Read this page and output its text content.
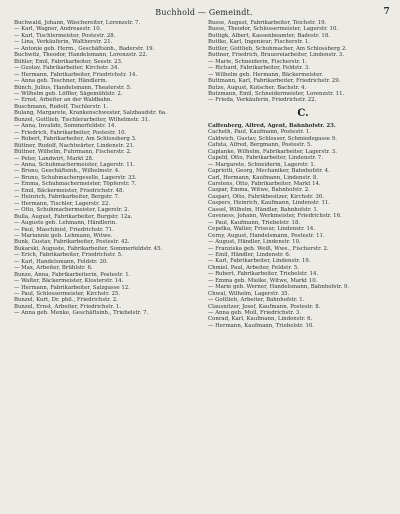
Buchhold — Gemeindt.	7
Buchwald, Johann, Wäschereiter, Lorenzstr. 7.
— Karl, Wagner, Andreasstr. 10.
— Karl, Tischlermeister, Postestr. 28.
— Lina, Verkäuferin, Waltherstr. 21.
— Antonie geb. Herm., Geschäftsinh., Baderstr. 19.
Buchwitz, Theodor, Handelsmann, Lorenzstr. 22.
Bühler, Emil, Fabrikarbeiter, Seestr. 23.
— Gustav, Fabrikarbeiter, Kirchstr. 34.
— Hermann, Fabrikarbeiter, Friedrichstr. 14.
— Anna geb. Teschner, Händlerin.
Bünch, Julius, Handelsmann, Theaterstr. 5.
— Wilhelm geb. Löffler, Sägemühlstr. 2.
— Ernst, Arbeiter an der Waldbahn.
Buschmann, Rudolf, Tischlerstr. 1.
Bulang, Margarete, Krankenschwester, Salzbaudstr. 6a.
Bunzel, Gottlieb, Tischlerarbeiter, Wilhelmstr. 31.
— Anna, Invalide, Sommerfeldstr. 14.
— Friedrich, Fabrikarbeiter, Postestr. 10.
— Robert, Fabrikarbeiter, Am Schlossberg 3.
Büttner, Rudolf, Nachtwärter, Lindenstr. 21.
Büttner, Wilhelm, Fuhrmann, Fischerstr. 2.
— Peter, Landwirt, Markt 28.
— Anna, Schuhmachermeister, Lagerstr. 11.
— Bruno, Geschäftsinh., Wilhelmstr. 4.
— Bruno, Schuhmachergeselle, Lagerstr. 33.
— Emma, Schuhmachermeister, Töpferstr. 7.
— Emil, Bäckermeister, Friedrichstr. 48.
— Heinrich, Fabrikarbeiter, Bergstr. 7.
— Hermann, Tischler, Lagerstr. 22.
— Otto, Schuhmachermeister, Lagerstr. 2.
Bulla, August, Fabrikarbeiter, Burgstr. 12a.
— Auguste geb. Lehmann, Händlerin.
— Paul, Maschinist, Friedrichstr. 71.
— Mariannie geb. Lehmann, Witwe.
Bunk, Gustav, Fabrikarbeiter, Postestr. 42.
Bukarski, Auguste, Fabrikarbeiter, Sommerfeldstr. 45.
— Erich, Fabrikarbeiter, Friedrichstr. 5.
— Karl, Handelsmann, Feldstr. 20.
— Max, Arbeiter, Brühlstr. 6.
Bunze, Anna, Fabrikarbeiterin, Postestr. 1.
— Walter, Bäckermeister, Klosterstr. 14.
— Hermann, Fabrikarbeiter, Salzgasse 12.
— Paul, Schlossermeister, Kirchstr. 25.
Bunzel, Kurt, Dr. phil., Friedrichstr. 2.
Bunzel, Ernst, Arbeiter, Friedrichstr. 1.
— Anna geb. Menke, Geschäftsinh., Triebelstr. 7.
Busse, August, Fabrikarbeiter, Teichstr. 19.
Busse, Theodor, Schlossermeister, Lagerstr. 10.
Buttigk, Albert, Kassenbeamter, Badestr. 18.
Buttke, Karl, Ingenieur, Fischerstr. 1.
Buttler, Gottlieb, Schuhmacher, Am Schlossberg 2.
Buttner, Friedrich, Brauereiarbeiter, Lindenstr. 3.
— Marie, Schneiderin, Fischerstr. 1.
— Richard, Fabrikarbeiter, Feldstr. 3.
— Wilhelm geb. Hermann, Bäckermeister.
Buttmann, Karl, Fabrikarbeiter, Friedrichstr. 29.
Butze, August, Kutscher, Bachstr. 4.
Butzmann, Emil, Schneidermeister, Lorenzstr. 11.
— Frieda, Verkäuferin, Friedrichstr. 22.
C.
Caffenberg, Alfred, Agent, Bahnhofstr. 23.
Cacheth, Paul, Kaufmann, Postestr. 1.
Caldwich, Gustav, Schlosser, Schmiedegasse 9.
Cafuta, Alfred, Bergmann, Postestr. 5.
Caplanke, Wilhelm, Fabrikarbeiter, Lagerstr. 3.
Capeld, Otto, Fabrikarbeiter, Lindenstr. 7.
— Margarete, Schneiderin, Lagerstr. 1.
Capriotti, Georg, Mechaniker, Bahnhofstr. 4.
Carl, Hermann, Kaufmann, Lindenstr. 8.
Carstens, Otto, Fabrikarbeiter, Markt 14.
Caspar, Emma, Witwe, Bahnhofstr. 2.
Caspari, Otto, Fabrikbesitzer, Kirchstr. 30.
Caspers, Heinrich, Kaufmann, Lindenstr. 11.
Cassel, Wilhelm, Händler, Bahnhofstr. 1.
Caveness, Johann, Werkmeister, Friedrichstr. 16.
— Paul, Kaufmann, Triebelstr. 18.
Cepelka, Walter, Friseur, Lindenstr. 14.
Cerny, August, Handelsmann, Postestr. 11.
— August, Händler, Lindenstr. 10.
— Franziska geb. Weiß, Wwe., Fischerstr. 2.
— Emil, Händler, Lindenstr. 6.
— Karl, Fabrikarbeiter, Lindenstr. 19.
Chmiel, Paul, Arbeiter, Feldstr. 5.
— Robert, Fabrikarbeiter, Triebelstr. 14.
— Emma geb. Mielke, Witwe, Markt 10.
— Marie geb. Werner, Handelsmann, Bahnhofstr. 9.
Chwal, Wilhelm, Lagerstr. 35.
— Gottlieb, Arbeiter, Bahnhofstr. 1.
Clausnitzer, Josef, Kaufmann, Postestr. 8.
— Anna geb. Moll, Friedrichstr. 3.
Conrad, Karl, Kaufmann, Lindenstr. 6.
— Hermann, Kaufmann, Triebelstr. 10.
